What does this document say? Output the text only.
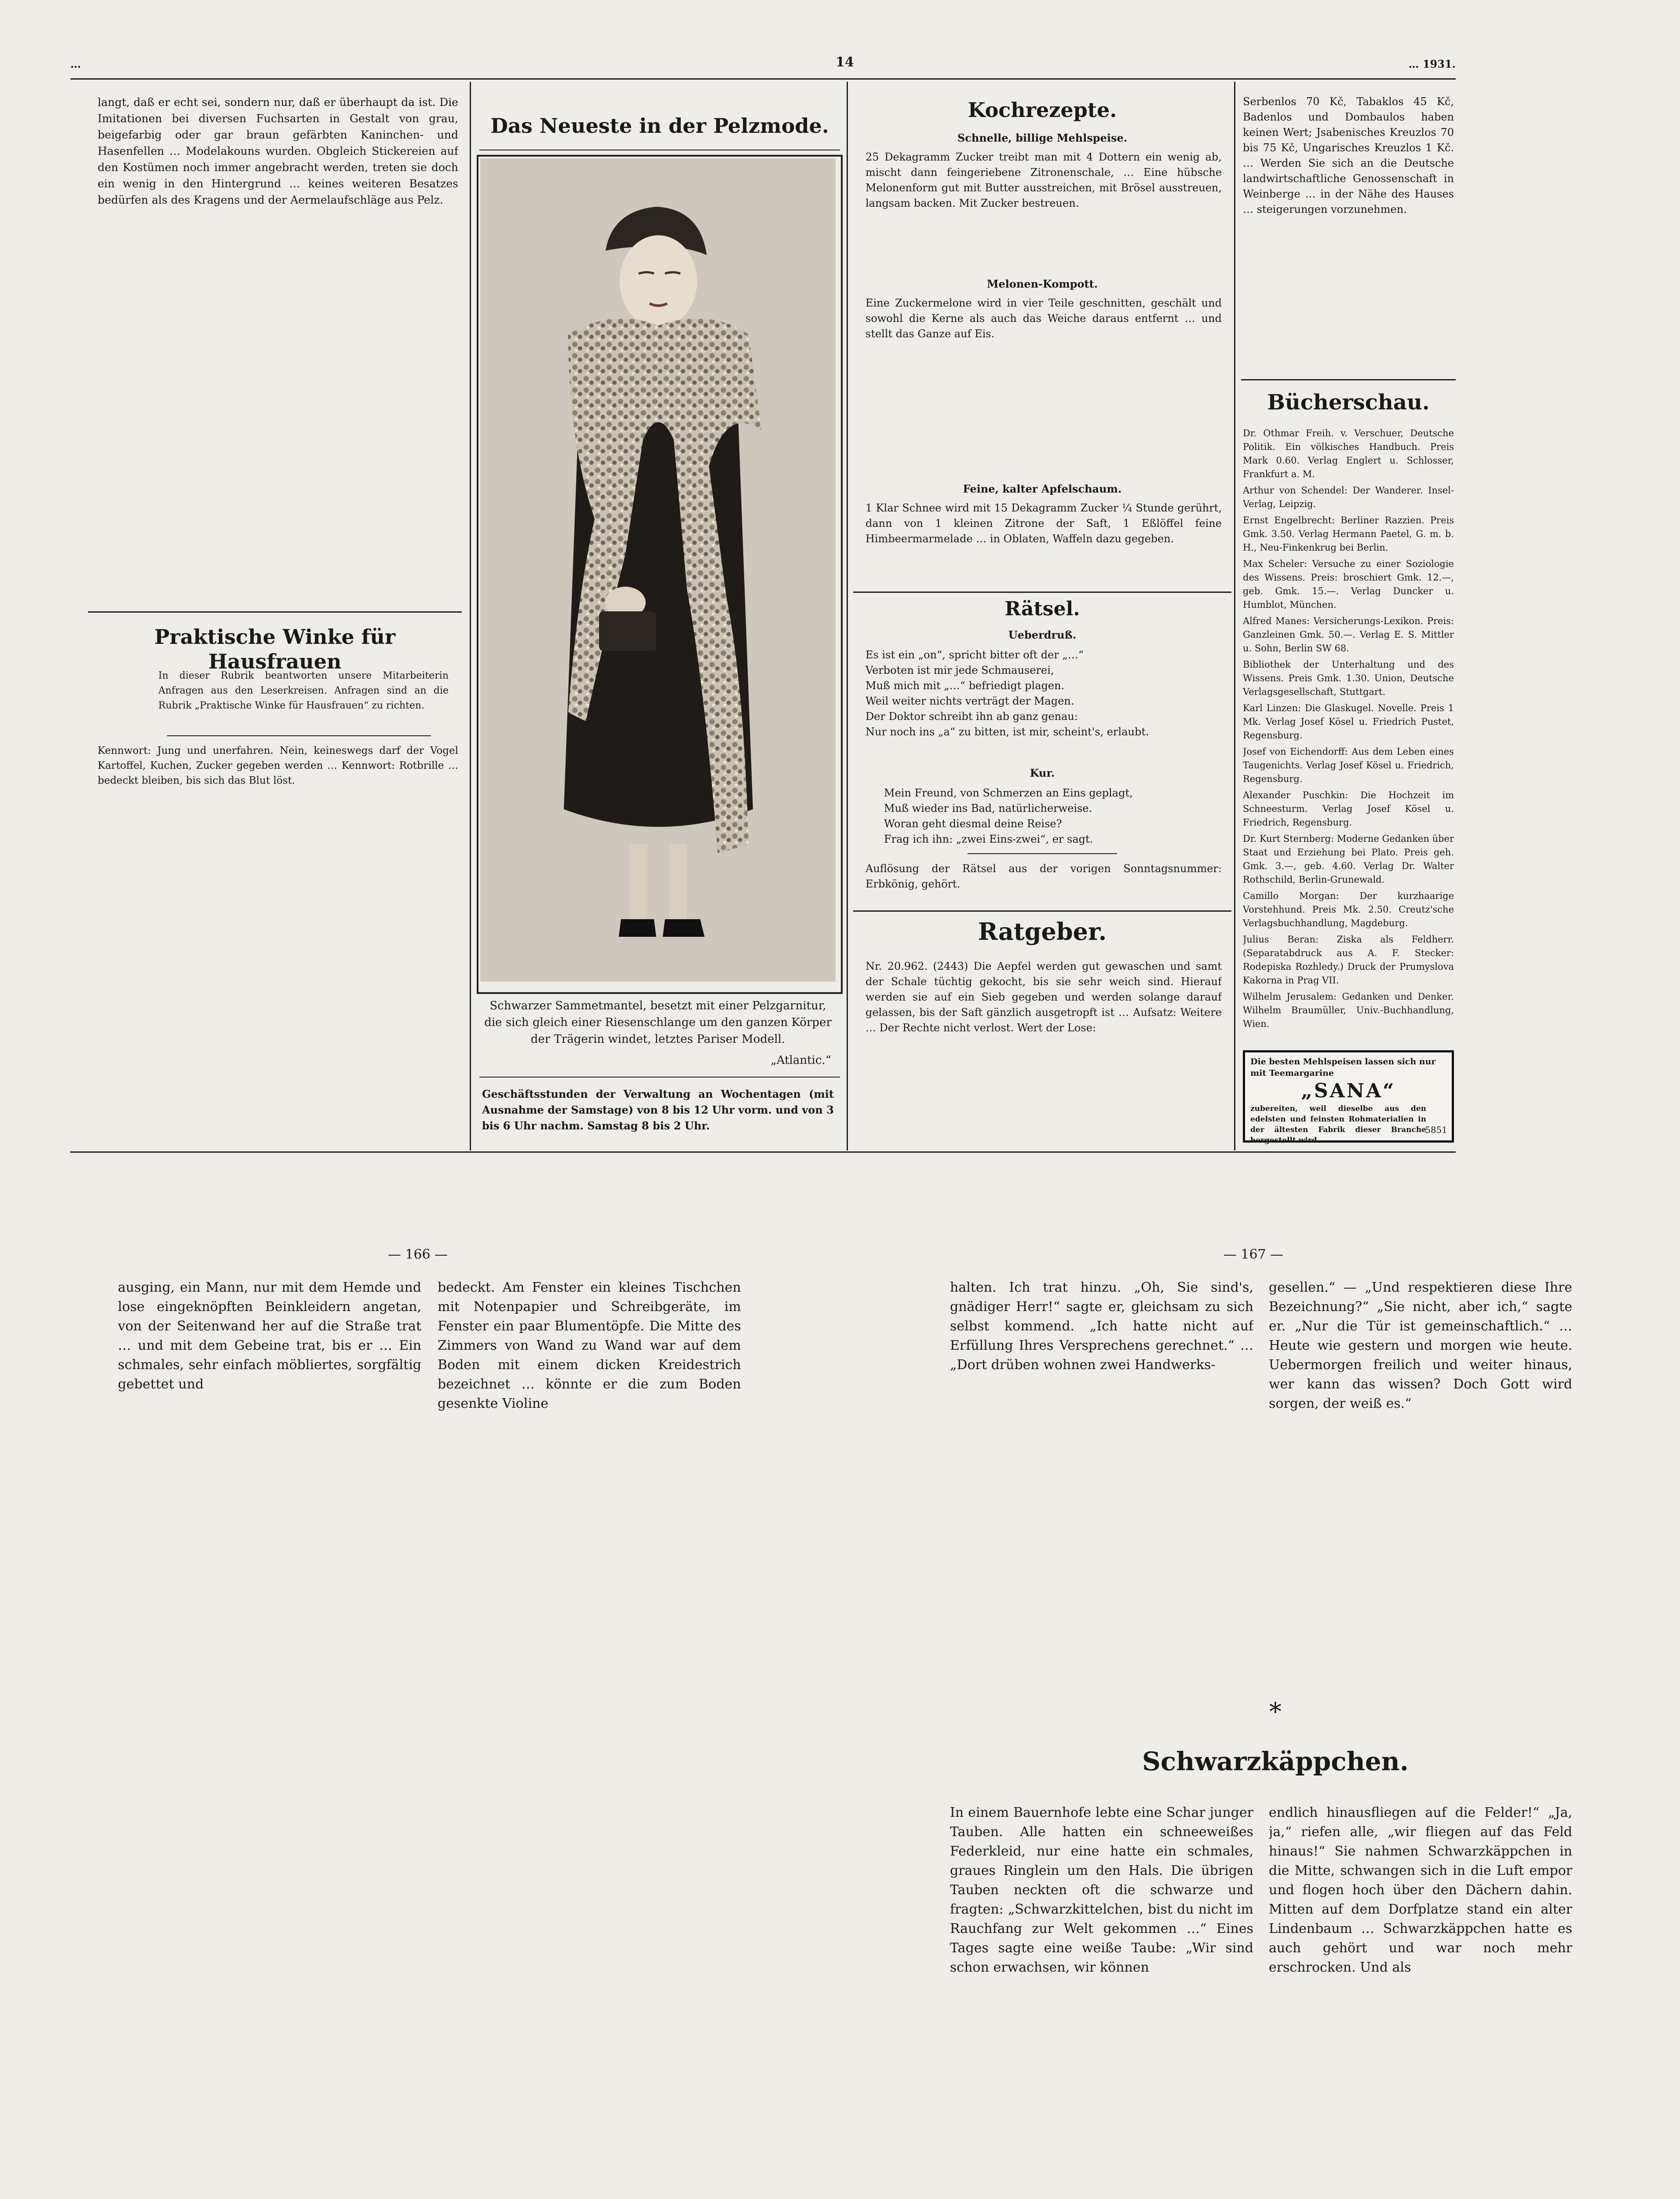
…	14	… 1931.

langt, daß er echt sei, sondern nur, daß er überhaupt da ist. Die Imitationen bei diversen Fuchsarten in Gestalt von grau, beigefarbig oder gar braun gefärbten Kaninchen- und Hasenfellen … Modelakouns wurden. Obgleich Stickereien auf den Kostümen noch immer angebracht werden, treten sie doch ein wenig in den Hintergrund … keines weiteren Besatzes bedürfen als des Kragens und der Aermelaufschläge aus Pelz.

Praktische Winke für Hausfrauen

In dieser Rubrik beantworten unsere Mitarbeiterin Anfragen aus den Leserkreisen. Anfragen sind an die Rubrik „Praktische Winke für Hausfrauen“ zu richten.

Kennwort: Jung und unerfahren. Nein, keineswegs darf der Vogel Kartoffel, Kuchen, Zucker gegeben werden … Kennwort: Rotbrille … bedeckt bleiben, bis sich das Blut löst.

Das Neueste in der Pelzmode.

Schwarzer Sammetmantel, besetzt mit einer Pelzgarnitur, die sich gleich einer Riesenschlange um den ganzen Körper der Trägerin windet, letztes Pariser Modell.

„Atlantic.“

Geschäftsstunden der Verwaltung an Wochentagen (mit Ausnahme der Samstage) von 8 bis 12 Uhr vorm. und von 3 bis 6 Uhr nachm. Samstag 8 bis 2 Uhr.

Kochrezepte.
Schnelle, billige Mehlspeise.

25 Dekagramm Zucker treibt man mit 4 Dottern ein wenig ab, mischt dann feingeriebene Zitronenschale, … Eine hübsche Melonenform gut mit Butter ausstreichen, mit Brösel ausstreuen, langsam backen. Mit Zucker bestreuen.

Melonen-Kompott.

Eine Zuckermelone wird in vier Teile geschnitten, geschält und sowohl die Kerne als auch das Weiche daraus entfernt … und stellt das Ganze auf Eis.

Feine, kalter Apfelschaum.

1 Klar Schnee wird mit 15 Dekagramm Zucker ¼ Stunde gerührt, dann von 1 kleinen Zitrone der Saft, 1 Eßlöffel feine Himbeermarmelade … in Oblaten, Waffeln dazu gegeben.

Rätsel.
Ueberdruß.
Es ist ein „on“, spricht bitter oft der „…“
Verboten ist mir jede Schmauserei,
Muß mich mit „…“ befriedigt plagen.
Weil weiter nichts verträgt der Magen.
Der Doktor schreibt ihn ab ganz genau:
Nur noch ins „a“ zu bitten, ist mir, scheint's, erlaubt.
Kur.
Mein Freund, von Schmerzen an Eins geplagt,
Muß wieder ins Bad, natürlicherweise.
Woran geht diesmal deine Reise?
Frag ich ihn: „zwei Eins-zwei“, er sagt.

Auflösung der Rätsel aus der vorigen Sonntagsnummer: Erbkönig, gehört.

Ratgeber.

Nr. 20.962. (2443) Die Aepfel werden gut gewaschen und samt der Schale tüchtig gekocht, bis sie sehr weich sind. Hierauf werden sie auf ein Sieb gegeben und werden solange darauf gelassen, bis der Saft gänzlich ausgetropft ist … Aufsatz: Weitere … Der Rechte nicht verlost. Wert der Lose:

Serbenlos 70 Kč, Tabaklos 45 Kč, Badenlos und Dombaulos haben keinen Wert; Jsabenisches Kreuzlos 70 bis 75 Kč, Ungarisches Kreuzlos 1 Kč. … Werden Sie sich an die Deutsche landwirtschaftliche Genossenschaft in Weinberge … in der Nähe des Hauses … steigerungen vorzunehmen.

Bücherschau.

Dr. Othmar Freih. v. Verschuer, Deutsche Politik. Ein völkisches Handbuch. Preis Mark 0.60. Verlag Englert u. Schlosser, Frankfurt a. M.

Arthur von Schendel: Der Wanderer. Insel-Verlag, Leipzig.

Ernst Engelbrecht: Berliner Razzien. Preis Gmk. 3.50. Verlag Hermann Paetel, G. m. b. H., Neu-Finkenkrug bei Berlin.

Max Scheler: Versuche zu einer Soziologie des Wissens. Preis: broschiert Gmk. 12.—, geb. Gmk. 15.—. Verlag Duncker u. Humblot, München.

Alfred Manes: Versicherungs-Lexikon. Preis: Ganzleinen Gmk. 50.—. Verlag E. S. Mittler u. Sohn, Berlin SW 68.

Bibliothek der Unterhaltung und des Wissens. Preis Gmk. 1.30. Union, Deutsche Verlagsgesellschaft, Stuttgart.

Karl Linzen: Die Glaskugel. Novelle. Preis 1 Mk. Verlag Josef Kösel u. Friedrich Pustet, Regensburg.

Josef von Eichendorff: Aus dem Leben eines Taugenichts. Verlag Josef Kösel u. Friedrich, Regensburg.

Alexander Puschkin: Die Hochzeit im Schneesturm. Verlag Josef Kösel u. Friedrich, Regensburg.

Dr. Kurt Sternberg: Moderne Gedanken über Staat und Erziehung bei Plato. Preis geh. Gmk. 3.—, geb. 4.60. Verlag Dr. Walter Rothschild, Berlin-Grunewald.

Camillo Morgan: Der kurzhaarige Vorstehhund. Preis Mk. 2.50. Creutz'sche Verlagsbuchhandlung, Magdeburg.

Julius Beran: Ziska als Feldherr. (Separatabdruck aus A. F. Stecker: Rodepiska Rozhledy.) Druck der Prumyslova Kakorna in Prag VII.

Wilhelm Jerusalem: Gedanken und Denker. Wilhelm Braumüller, Univ.-Buchhandlung, Wien.

Die besten Mehlspeisen lassen sich nur mit Teemargarine
„SANA“
zubereiten, weil dieselbe aus den edelsten und feinsten Rohmaterialien in der ältesten Fabrik dieser Branche hergestellt wird.
5851
— 166 —	— 167 —

ausging, ein Mann, nur mit dem Hemde und lose eingeknöpften Beinkleidern angetan, von der Seitenwand her auf die Straße trat … und mit dem Gebeine trat, bis er … Ein schmales, sehr einfach möbliertes, sorgfältig gebettet und

bedeckt. Am Fenster ein kleines Tischchen mit Notenpapier und Schreibgeräte, im Fenster ein paar Blumentöpfe. Die Mitte des Zimmers von Wand zu Wand war auf dem Boden mit einem dicken Kreidestrich bezeichnet … könnte er die zum Boden gesenkte Violine

halten. Ich trat hinzu. „Oh, Sie sind's, gnädiger Herr!“ sagte er, gleichsam zu sich selbst kommend. „Ich hatte nicht auf Erfüllung Ihres Versprechens gerechnet.“ … „Dort drüben wohnen zwei Handwerks-

gesellen.“ — „Und respektieren diese Ihre Bezeichnung?“ „Sie nicht, aber ich,“ sagte er. „Nur die Tür ist gemeinschaftlich.“ … Heute wie gestern und morgen wie heute. Uebermorgen freilich und weiter hinaus, wer kann das wissen? Doch Gott wird sorgen, der weiß es.“

*
Schwarzkäppchen.

In einem Bauernhofe lebte eine Schar junger Tauben. Alle hatten ein schneeweißes Federkleid, nur eine hatte ein schmales, graues Ringlein um den Hals. Die übrigen Tauben neckten oft die schwarze und fragten: „Schwarzkittelchen, bist du nicht im Rauchfang zur Welt gekommen …“ Eines Tages sagte eine weiße Taube: „Wir sind schon erwachsen, wir können

endlich hinausfliegen auf die Felder!“ „Ja, ja,“ riefen alle, „wir fliegen auf das Feld hinaus!“ Sie nahmen Schwarzkäppchen in die Mitte, schwangen sich in die Luft empor und flogen hoch über den Dächern dahin. Mitten auf dem Dorfplatze stand ein alter Lindenbaum … Schwarzkäppchen hatte es auch gehört und war noch mehr erschrocken. Und als
